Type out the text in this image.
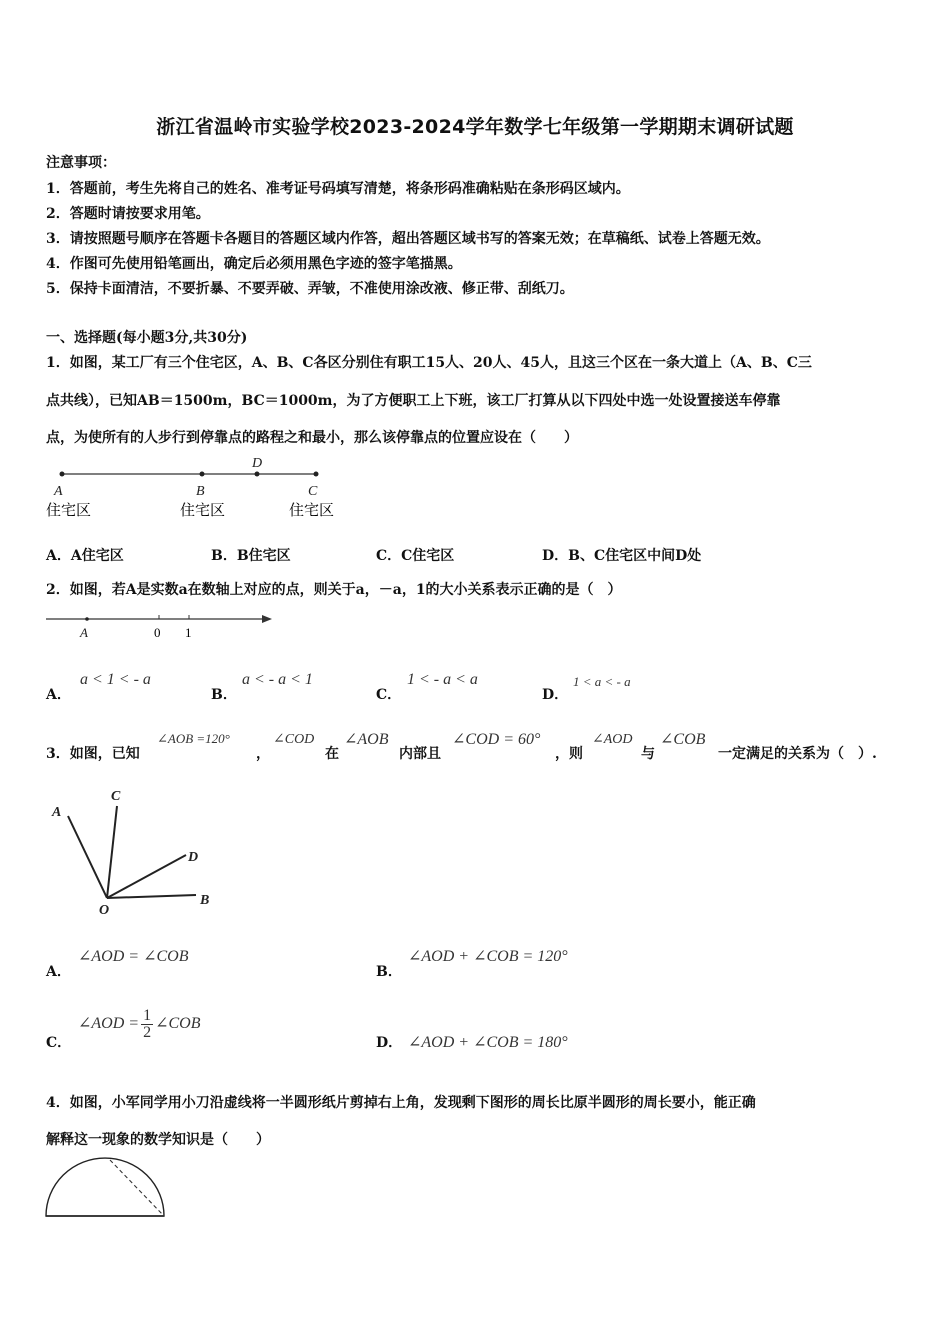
浙江省温岭市实验学校2023-2024学年数学七年级第一学期期末调研试题
注意事项：
1．答题前，考生先将自己的姓名、准考证号码填写清楚，将条形码准确粘贴在条形码区域内。
2．答题时请按要求用笔。
3．请按照题号顺序在答题卡各题目的答题区域内作答，超出答题区域书写的答案无效；在草稿纸、试卷上答题无效。
4．作图可先使用铅笔画出，确定后必须用黑色字迹的签字笔描黑。
5．保持卡面清洁，不要折暴、不要弄破、弄皱，不准使用涂改液、修正带、刮纸刀。
一、选择题(每小题3分,共30分)
1．如图，某工厂有三个住宅区，A、B、C各区分别住有职工15人、20人、45人，且这三个区在一条大道上（A、B、C三
点共线），已知AB＝1500m，BC＝1000m，为了方便职工上下班，该工厂打算从以下四处中选一处设置接送车停靠
点，为使所有的人步行到停靠点的路程之和最小，那么该停靠点的位置应设在（　　）
A	B
D
C
住宅区	住宅区	住宅区
A．A住宅区	B．B住宅区	C．C住宅区	D．B、C住宅区中间D处
2．如图，若A是实数a在数轴上对应的点，则关于a，－a，1的大小关系表示正确的是（　）
A	0 1
A．
a < 1 < - a
B．
a < - a < 1
C．
1 < - a < a
D．
1 < a < - a
3．如图，已知
∠AOB =120°
，
∠COD
在
∠AOB
内部且
∠COD = 60°
，则
∠AOD
与
∠COB
一定满足的关系为（　）.
A
C
D
O
B
A．
∠AOD = ∠COB
B．
∠AOD + ∠COB = 120°
C．
∠AOD = $\frac{1}{2}$ ∠COB
D． ∠AOD + ∠COB = 180°
4．如图，小军同学用小刀沿虚线将一半圆形纸片剪掉右上角，发现剩下图形的周长比原半圆形的周长要小，能正确
解释这一现象的数学知识是（　　）
